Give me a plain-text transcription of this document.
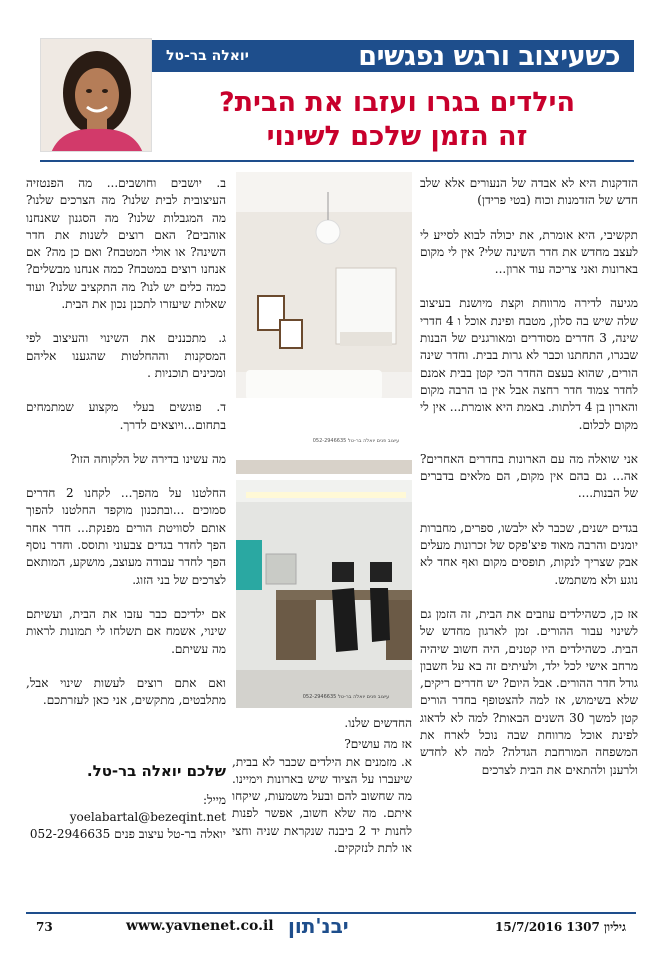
כשעיצוב ורגש נפגשים
יואלה בר-טל
הילדים בגרו ועזבו את הבית?
זה הזמן שלכם לשינוי

הזדקנות היא לא אבדה של הנעורים אלא שלב חדש של הזדמנות וכוח (בטי פרידן)

תקשיבי, היא אומרת, את יכולה לבוא לסייע לי לעצב מחדש את חדר השינה שלי? אין לי מקום בארונות ואני צריכה עוד ארון...

מגיעה לדירה מרווחת וקצת מיושנת בעיצוב שלה שיש בה סלון, מטבח ופינת אוכל ו 4 חדרי שינה, 3 חדרים מסודרים ומאורגנים של הבנות שבגרו, התחתנו וכבר לא גרות בבית. וחדר שינה הורים, שהוא בעצם החדר הכי קטן בבית אמנם לחדר צמוד חדר רחצה אבל אין בו הרבה מקום והארון בן 4 דלתות. באמת היא אומרת... אין לי מקום לכלום.

אני שואלה מה עם הארונות בחדרים האחרים? אה... גם בהם אין מקום, הם מלאים בדברים של הבנות....

בגדים ישנים, שכבר לא ילבשו, ספרים, מחברות יומנים והרבה מאוד פיצ'פקס של זכרונות מעלים אבק שצריך לנקות, תופסים מקום ואף אחד לא נוגע ולא משתמש.

אז כן, כשהילדים עוזבים את הבית, זה הזמן גם לשינוי עבור ההורים. זמן לארגון מחדש של הבית. כשהילדים היו קטנים, היה חשוב שיהיה מרחב אישי לכל ילד, ולעיתים זה בא על חשבון גודל חדר ההורים. אבל היום? יש חדרים ריקים, שלא בשימוש, אז למה להצטופף בחדר הורים קטן למשך 30 השנים הבאות? למה לא לדאוג לפינת אוכל מרווחת שבה נוכל לארח את המשפחה המורחבת הגדלה? למה לא לחדש ולרענן ולהתאים את הבית לצרכים

עיצוב פנים יואלה בר-טל 052-2946635
052-2946635 עיצוב פנים יואלה בר-טל

החדשים שלנו.

אז מה עושים?

א. מזמנים את הילדים שכבר לא בבית, שיעברו על הציוד שיש בארונות וימיינו. מה שחשוב להם ובעל משמעות, שיקחו איתם. מה שלא חשוב, אפשר לפנות לחנות יד 2 ביבנה שנקראת שניה וחצי או לתת לנזקקים.

ב. יושבים וחושבים... מה הפנטזיה העיצובית לבית שלנו? מה הצרכים שלנו? מה המגבלות שלנו? מה הסגנון שאנחנו אוהבים? האם רוצים לשנות את חדר השינה? או אולי המטבח? ואם כן מה? אם אנחנו רוצים במטבח? כמה אנחנו מבשלים? כמה כלים יש לנו? מה התקציב שלנו? ועוד שאלות שיעזרו לתכנן נכון את הבית.

ג. מתכננים את השינוי והעיצוב לפי המסקנות וההחלטות שהגענו אליהם ומכינים תוכניות .

ד. פוגשים בעלי מקצוע שמתמחים בתחום...ויוצאים לדרך.

מה עשינו בדירה של הלקוחה הזו?

החלטנו על מהפך... לקחנו 2 חדרים סמוכים ...ובתכנון מוקפד החלטנו להפוך אותם לסוויטת הורים מפנקת... חדר אחר הפך לחדר בגדים צבעוני ותוסס. וחדר נוסף הפך לחדר עבודה מעוצב, מושקע, המותאם לצרכים של בני הזוג.

אם ילדיכם כבר עזבו את הבית, ועשיתם שינוי, אשמח אם תשלחו לי תמונות לראות מה עשיתם.

ואם אתם רוצים לעשות שינוי אבל, מתלבטים, מתקשים, אני כאן לעזרתכם.

שלכם יואלה בר-טל.
מייל:
yoelabartal@bezeqint.net
יואלה בר-טל עיצוב פנים 052-2946635
73	www.yavnenet.co.il יבנ'תון	גיליון 1307 15/7/2016
